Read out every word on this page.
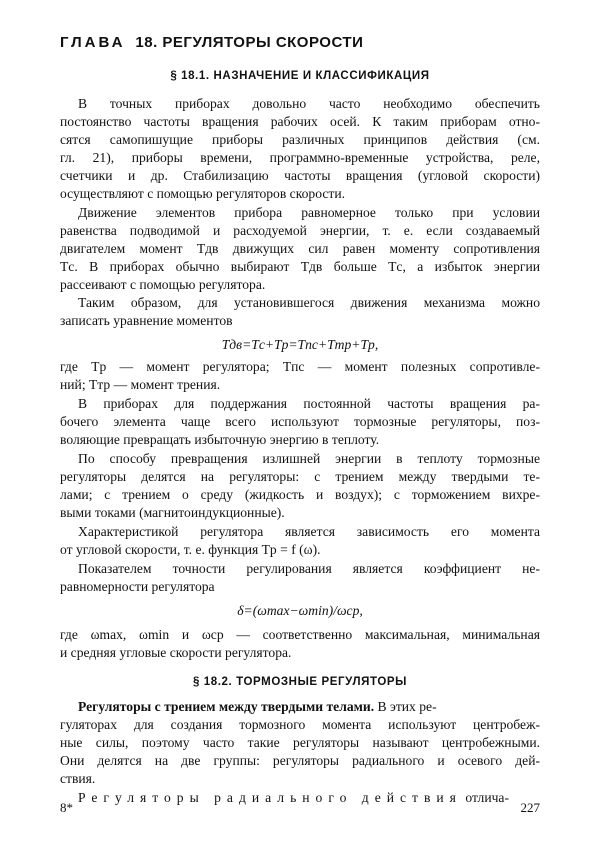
ГЛАВА 18. РЕГУЛЯТОРЫ СКОРОСТИ
§ 18.1. НАЗНАЧЕНИЕ И КЛАССИФИКАЦИЯ
В точных приборах довольно часто необходимо обеспечить
постоянство частоты вращения рабочих осей. К таким приборам отно-
сятся самопишущие приборы различных принципов действия (см.
гл. 21), приборы времени, программно-временные устройства, реле,
счетчики и др. Стабилизацию частоты вращения (угловой скорости)
осуществляют с помощью регуляторов скорости.
Движение элементов прибора равномерное только при условии
равенства подводимой и расходуемой энергии, т. е. если создаваемый
двигателем момент Tдв движущих сил равен моменту сопротивления
Tс. В приборах обычно выбирают Tдв больше Tс, а избыток энергии
рассеивают с помощью регулятора.
Таким образом, для установившегося движения механизма можно
записать уравнение моментов
Tдв=Tс+Tр=Tпс+Tтр+Tр,
где Tр — момент регулятора; Tпс — момент полезных сопротивле-
ний; Tтр — момент трения.
В приборах для поддержания постоянной частоты вращения ра-
бочего элемента чаще всего используют тормозные регуляторы, поз-
воляющие превращать избыточную энергию в теплоту.
По способу превращения излишней энергии в теплоту тормозные
регуляторы делятся на регуляторы: с трением между твердыми те-
лами; с трением о среду (жидкость и воздух); с торможением вихре-
выми токами (магнитоиндукционные).
Характеристикой регулятора является зависимость его момента
от угловой скорости, т. е. функция Tр = f (ω).
Показателем точности регулирования является коэффициент не-
равномерности регулятора
δ=(ωmax−ωmin)/ωср,
где ωmax, ωmin и ωср — соответственно максимальная, минимальная
и средняя угловые скорости регулятора.
§ 18.2. ТОРМОЗНЫЕ РЕГУЛЯТОРЫ
Регуляторы с трением между твердыми телами. В этих ре-
гуляторах для создания тормозного момента используют центробеж-
ные силы, поэтому часто такие регуляторы называют центробежными.
Они делятся на две группы: регуляторы радиального и осевого дей-
ствия.
Регуляторы радиального действия отлича-
8*	227
